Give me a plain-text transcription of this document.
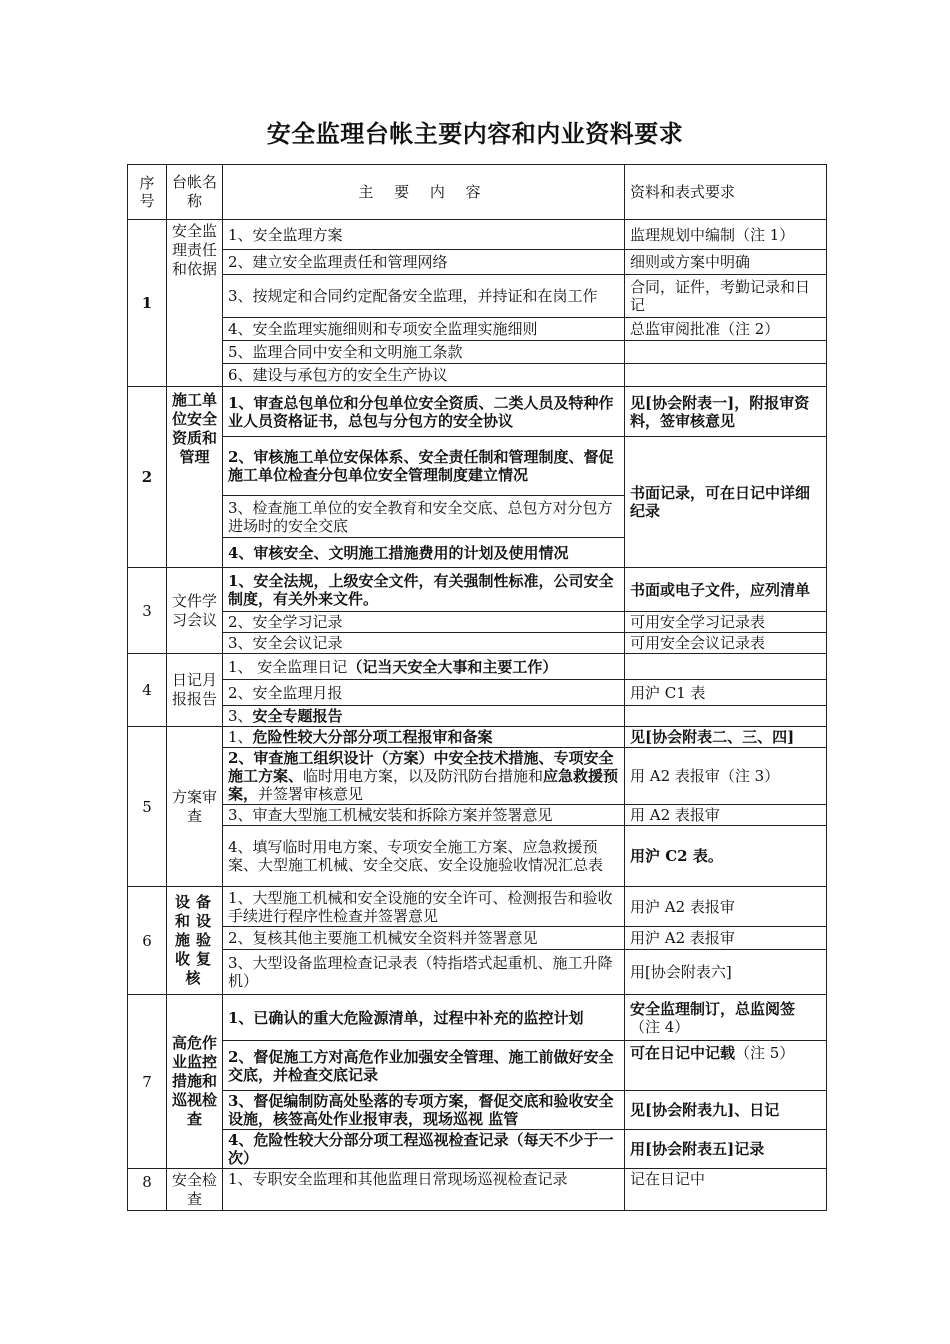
安全监理台帐主要内容和内业资料要求
序号	台帐名称	主 要 内 容	资料和表式要求
1	安全监理责任和依据	1、安全监理方案	监理规划中编制（注 1）
		2、建立安全监理责任和管理网络	细则或方案中明确
		3、按规定和合同约定配备安全监理，并持证和在岗工作	合同，证件，考勤记录和日记
		4、安全监理实施细则和专项安全监理实施细则	总监审阅批准（注 2）
		5、监理合同中安全和文明施工条款	
		6、建设与承包方的安全生产协议	
2	施工单位安全资质和管理	1、审查总包单位和分包单位安全资质、二类人员及特种作业人员资格证书，总包与分包方的安全协议	见[协会附表一]，附报审资料，签审核意见
		2、审核施工单位安保体系、安全责任制和管理制度、督促施工单位检查分包单位安全管理制度建立情况	书面记录，可在日记中详细纪录
		3、检查施工单位的安全教育和安全交底、总包方对分包方进场时的安全交底	
		4、审核安全、文明施工措施费用的计划及使用情况	
3	文件学习会议	1、安全法规，上级安全文件，有关强制性标准，公司安全制度，有关外来文件。	书面或电子文件，应列清单
		2、安全学习记录	可用安全学习记录表
		3、安全会议记录	可用安全会议记录表
4	日记月报报告	1、 安全监理日记（记当天安全大事和主要工作）	
		2、安全监理月报	用沪 C1 表
		3、安全专题报告	
5	方案审查	1、危险性较大分部分项工程报审和备案	见[协会附表二、三、四]
		2、审查施工组织设计（方案）中安全技术措施、专项安全施工方案、临时用电方案，以及防汛防台措施和应急救援预案，并签署审核意见	用 A2 表报审（注 3）
		3、审查大型施工机械安装和拆除方案并签署意见	用 A2 表报审
		4、填写临时用电方案、专项安全施工方案、应急救援预案、大型施工机械、安全交底、安全设施验收情况汇总表	用沪 C2 表。
6	设备和设施验收复核	1、大型施工机械和安全设施的安全许可、检测报告和验收手续进行程序性检查并签署意见	用沪 A2 表报审
		2、复核其他主要施工机械安全资料并签署意见	用沪 A2 表报审
		3、大型设备监理检查记录表（特指塔式起重机、施工升降机）	用[协会附表六]
7	高危作业监控措施和巡视检查	1、已确认的重大危险源清单，过程中补充的监控计划	安全监理制订，总监阅签（注 4）
		2、督促施工方对高危作业加强安全管理、施工前做好安全交底，并检查交底记录	可在日记中记载（注 5）
		3、督促编制防高处坠落的专项方案，督促交底和验收安全设施，核签高处作业报审表，现场巡视 监管	见[协会附表九]、日记
		4、危险性较大分部分项工程巡视检查记录（每天不少于一次）	用[协会附表五]记录
8	安全检查	1、专职安全监理和其他监理日常现场巡视检查记录	记在日记中
